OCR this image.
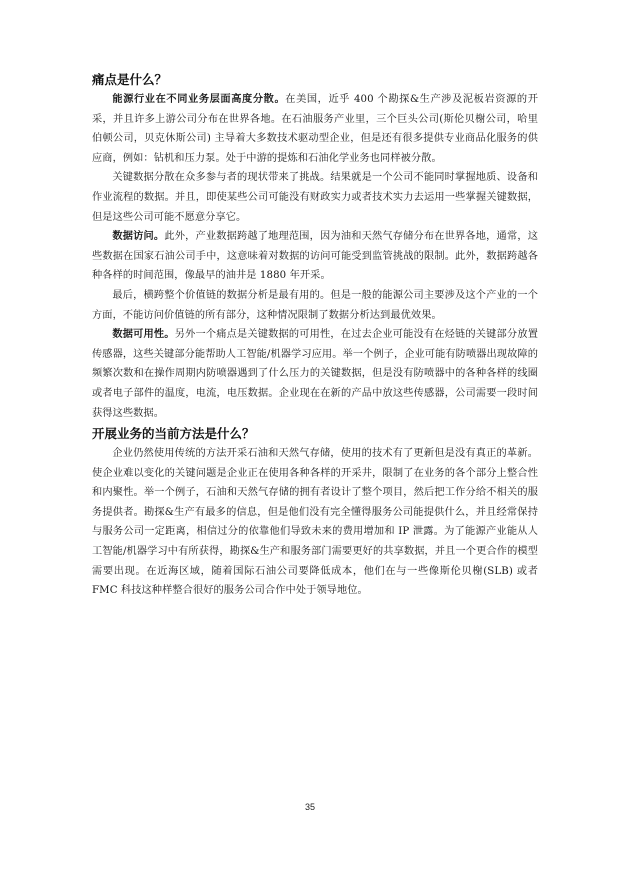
痛点是什么？

能源行业在不同业务层面高度分散。在美国，近乎 400 个勘探&生产涉及泥板岩资源的开采，并且许多上游公司分布在世界各地。在石油服务产业里，三个巨头公司(斯伦贝榭公司，哈里伯顿公司，贝克休斯公司) 主导着大多数技术驱动型企业，但是还有很多提供专业商品化服务的供应商，例如：钻机和压力泵。处于中游的提炼和石油化学业务也同样被分散。

关键数据分散在众多参与者的现状带来了挑战。结果就是一个公司不能同时掌握地质、设备和作业流程的数据。并且，即使某些公司可能没有财政实力或者技术实力去运用一些掌握关键数据，但是这些公司可能不愿意分享它。

数据访问。此外，产业数据跨越了地理范围，因为油和天然气存储分布在世界各地，通常，这些数据在国家石油公司手中，这意味着对数据的访问可能受到监管挑战的限制。此外，数据跨越各种各样的时间范围，像最早的油井是 1880 年开采。

最后，横跨整个价值链的数据分析是最有用的。但是一般的能源公司主要涉及这个产业的一个方面，不能访问价值链的所有部分，这种情况限制了数据分析达到最优效果。

数据可用性。另外一个痛点是关键数据的可用性，在过去企业可能没有在烃链的关键部分放置传感器，这些关键部分能帮助人工智能/机器学习应用。举一个例子，企业可能有防喷器出现故障的频繁次数和在操作周期内防喷器遇到了什么压力的关键数据，但是没有防喷器中的各种各样的线圈或者电子部件的温度，电流，电压数据。企业现在在新的产品中放这些传感器，公司需要一段时间获得这些数据。

开展业务的当前方法是什么？

企业仍然使用传统的方法开采石油和天然气存储，使用的技术有了更新但是没有真正的革新。使企业难以变化的关键问题是企业正在使用各种各样的开采井，限制了在业务的各个部分上整合性和内聚性。举一个例子，石油和天然气存储的拥有者设计了整个项目，然后把工作分给不相关的服务提供者。勘探&生产有最多的信息，但是他们没有完全懂得服务公司能提供什么，并且经常保持与服务公司一定距离，相信过分的依靠他们导致未来的费用增加和 IP 泄露。为了能源产业能从人工智能/机器学习中有所获得，勘探&生产和服务部门需要更好的共享数据，并且一个更合作的模型需要出现。在近海区域，随着国际石油公司要降低成本，他们在与一些像斯伦贝榭(SLB) 或者 FMC 科技这种样整合很好的服务公司合作中处于领导地位。

35
